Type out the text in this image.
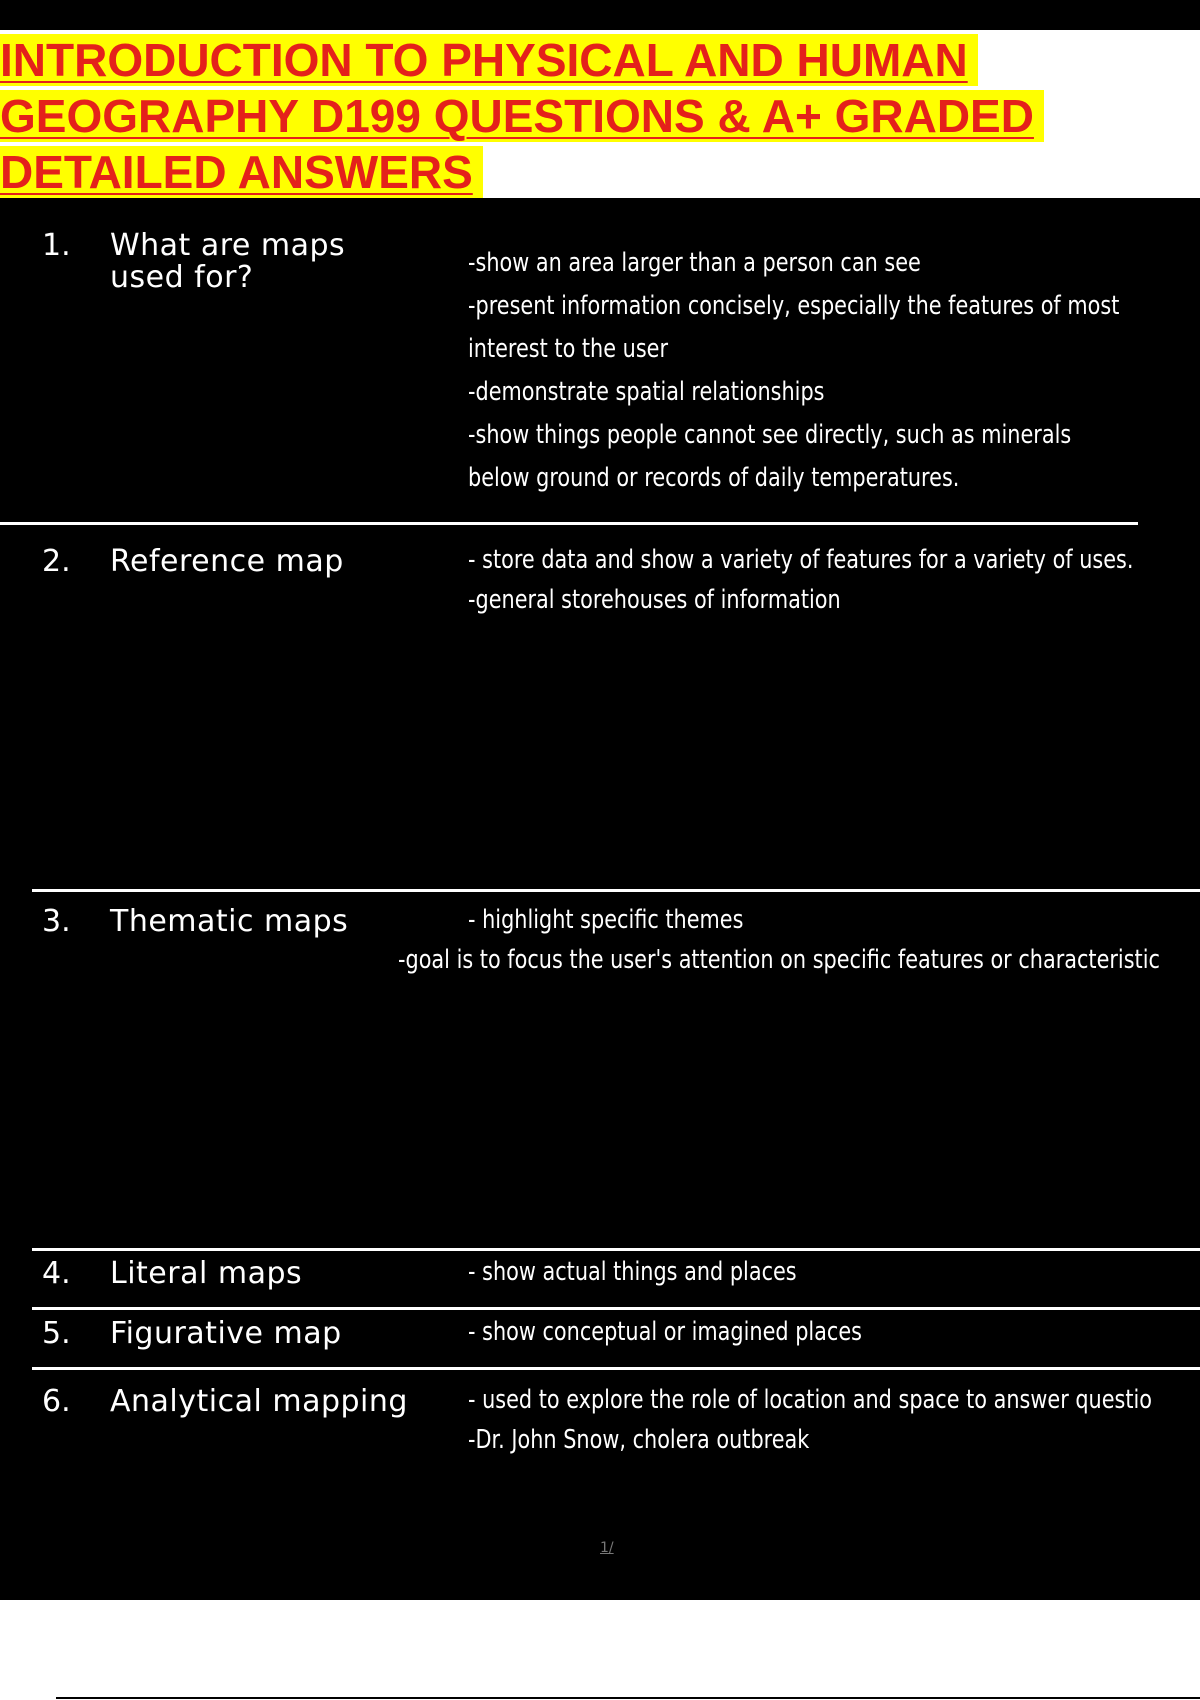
INTRODUCTION TO PHYSICAL AND HUMAN
GEOGRAPHY D199 QUESTIONS & A+ GRADED
DETAILED ANSWERS
1. What are maps
used for?	-show an area larger than a person can see
-present information concisely, especially the features of most
interest to the user
-demonstrate spatial relationships
-show things people cannot see directly, such as minerals
below ground or records of daily temperatures.
2. Reference map	- store data and show a variety of features for a variety of uses.
-general storehouses of information
3. Thematic maps	- highlight specific themes
-goal is to focus the user's attention on specific features or characteristic
4. Literal maps	- show actual things and places
5. Figurative map	- show conceptual or imagined places
6. Analytical mapping	- used to explore the role of location and space to answer questio
-Dr. John Snow, cholera outbreak
1/
